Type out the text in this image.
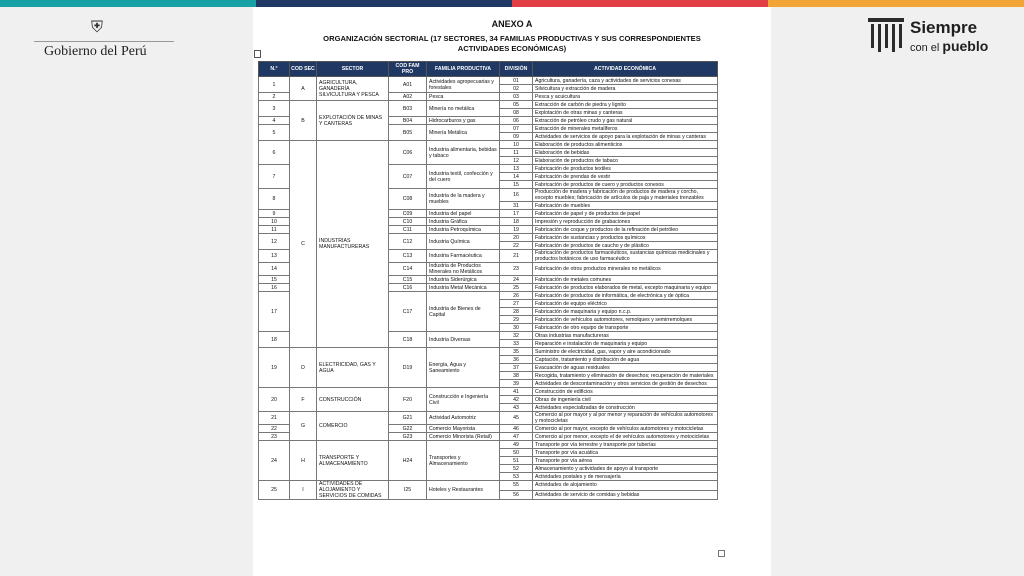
⛨
Gobierno del Perú
Siempre
con el pueblo
ANEXO A
ORGANIZACIÓN SECTORIAL (17 SECTORES, 34 FAMILIAS PRODUCTIVAS Y SUS CORRESPONDIENTES ACTIVIDADES ECONÓMICAS)
N.°	COD SEC	SECTOR	COD FAM PRO	FAMILIA PRODUCTIVA	DIVISIÓN	ACTIVIDAD ECONÓMICA
1	A	AGRICULTURA, GANADERÍA SILVICULTURA Y PESCA	A01	Actividades agropecuarias y forestales	01	Agricultura, ganadería, caza y actividades de servicios conexas
					02	Silvicultura y extracción de madera
2			A02	Pesca	03	Pesca y acuicultura
3	B	EXPLOTACIÓN DE MINAS Y CANTERAS	B03	Minería no metálica	05	Extracción de carbón de piedra y lignito
					08	Explotación de otras minas y canteras
4			B04	Hidrocarburos y gas	06	Extracción de petróleo crudo y gas natural
5			B05	Minería Metálica	07	Extracción de minerales metalíferos
					09	Actividades de servicios de apoyo para la explotación de minas y canteras
6	C	INDUSTRIAS MANUFACTURERAS	C06	Industria alimentaria, bebidas y tabaco	10	Elaboración de productos alimenticios
					11	Elaboración de bebidas
					12	Elaboración de productos de tabaco
7			C07	Industria textil, confección y del cuero	13	Fabricación de productos textiles
					14	Fabricación de prendas de vestir
					15	Fabricación de productos de cuero y productos conexos
8			C08	Industria de la madera y muebles	16	Producción de madera y fabricación de productos de madera y corcho, excepto muebles; fabricación de artículos de paja y materiales trenzables
					31	Fabricación de muebles
9			C09	Industria del papel	17	Fabricación de papel y de productos de papel
10			C10	Industria Gráfica	18	Impresión y reproducción de grabaciones
11			C11	Industria Petroquímica	19	Fabricación de coque y productos de la refinación del petróleo
12			C12	Industria Química	20	Fabricación de sustancias y productos químicos
					22	Fabricación de productos de caucho y de plástico
13			C13	Industria Farmacéutica	21	Fabricación de productos farmacéuticos, sustancias químicas medicinales y productos botánicos de uso farmacéutico
14			C14	Industria de Productos Minerales no Metálicos	23	Fabricación de otros productos minerales no metálicos
15			C15	Industria Siderúrgica	24	Fabricación de metales comunes
16			C16	Industria Metal Mecánica	25	Fabricación de productos elaborados de metal, excepto maquinaria y equipo
17			C17	Industria de Bienes de Capital	26	Fabricación de productos de informática, de electrónica y de óptica
					27	Fabricación de equipo eléctrico
					28	Fabricación de maquinaria y equipo n.c.p.
					29	Fabricación de vehículos automotores, remolques y semirremolques
					30	Fabricación de otro equipo de transporte
18			C18	Industria Diversas	32	Otras industrias manufactureras
					33	Reparación e instalación de maquinaria y equipo
19	D	ELECTRICIDAD, GAS Y AGUA	D19	Energía, Agua y Saneamiento	35	Suministro de electricidad, gas, vapor y aire acondicionado
					36	Captación, tratamiento y distribución de agua
					37	Evacuación de aguas residuales
					38	Recogida, tratamiento y eliminación de desechos; recuperación de materiales
					39	Actividades de descontaminación y otros servicios de gestión de desechos
20	F	CONSTRUCCIÓN	F20	Construcción e Ingeniería Civil	41	Construcción de edificios
					42	Obras de ingeniería civil
					43	Actividades especializadas de construcción
21	G	COMERCIO	G21	Actividad Automotriz	45	Comercio al por mayor y al por menor y reparación de vehículos automotores y motocicletas
22			G22	Comercio Mayorista	46	Comercio al por mayor, excepto de vehículos automotores y motocicletas
23			G23	Comercio Minorista (Retail)	47	Comercio al por menor, excepto el de vehículos automotores y motocicletas
24	H	TRANSPORTE Y ALMACENAMIENTO	H24	Transportes y Almacenamiento	49	Transporte por vía terrestre y transporte por tuberías
					50	Transporte por vía acuática
					51	Transporte por vía aérea
					52	Almacenamiento y actividades de apoyo al transporte
					53	Actividades postales y de mensajería
25	I	ACTIVIDADES DE ALOJAMIENTO Y SERVICIOS DE COMIDAS	I25	Hoteles y Restaurantes	55	Actividades de alojamiento
					56	Actividades de servicio de comidas y bebidas
